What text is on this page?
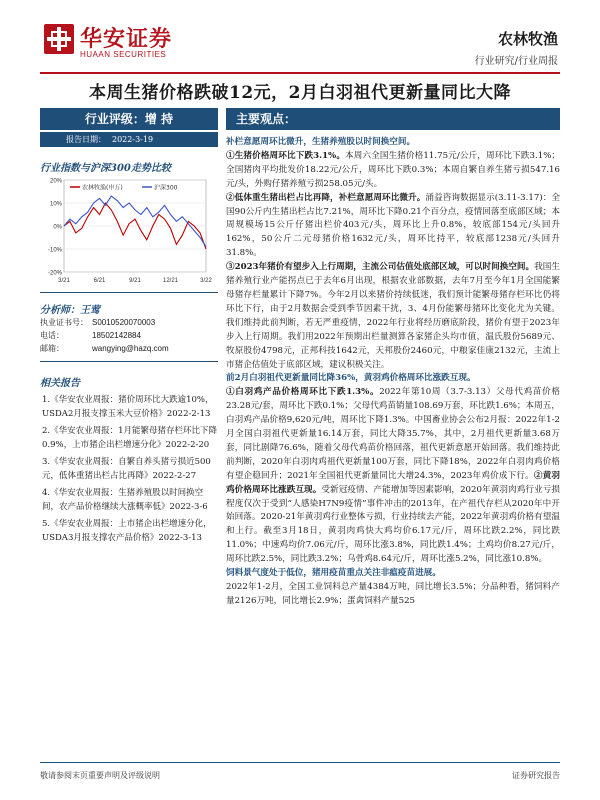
华安证券
HUAAN SECURITIES
农林牧渔
行业研究/行业周报
本周生猪价格跌破12元，2月白羽祖代更新量同比大降
行业评级：增 持
报告日期： 2022-3-19
行业指数与沪深300走势比较
20%
10%
0%
-10%
-20%
3/21	6/21	9/21	12/21	3/22
农林牧渔(申万)	沪深300
分析师：王莺
执业证书号： S0010520070003
电话：	18502142884
邮箱：	wangying@hazq.com
相关报告
1.《华安农业周报：猪价周环比大跌逾10%，USDA2月报支撑玉米大豆价格》2022-2-13
2.《华安农业周报：1月能繁母猪存栏环比下降0.9%，上市猪企出栏增速分化》2022-2-20
3.《华安农业周报：自繁自养头猪亏损近500元，低体重猪出栏占比再降》2022-2-27
4.《华安农业周报：生猪养殖股以时间换空间，农产品价格继续大涨概率低》2022-3-6
5.《华安农业周报：上市猪企出栏增速分化，USDA3月报支撑农产品价格》2022-3-13
主要观点：

补栏意愿周环比微升，生猪养殖股以时间换空间。

①生猪价格周环比下跌3.1%。本周六全国生猪价格11.75元/公斤，周环比下跌3.1%；全国猪肉平均批发价18.22元/公斤，周环比下跌0.3%；本周自繁自养生猪亏损547.16元/头，外购仔猪养殖亏损258.05元/头。

②低体重生猪出栏占比再降，补栏意愿周环比微升。涌益咨询数据显示(3.11-3.17)：全国90公斤内生猪出栏占比7.21%，周环比下降0.21个百分点，疫情回落至底部区域；本周规模场15公斤仔猪出栏价403元/头，周环比上升0.8%，较底部154元/头回升162%，50公斤二元母猪价格1632元/头，周环比持平，较底部1238元/头回升31.8%。

③2023年猪价有望步入上行周期，主流公司估值处底部区域，可以时间换空间。我国生猪养殖行业产能拐点已于去年6月出现，根据农业部数据，去年7月至今年1月全国能繁母猪存栏量累计下降7%。今年2月以来猪价持续低迷，我们预计能繁母猪存栏环比仍将环比下行，由于2月数据会受到季节因素干扰，3、4月份能繁母猪环比变化尤为关键。我们维持此前判断，若无严重疫情，2022年行业将经历磨底阶段，猪价有望于2023年步入上行周期。我们用2022年预期出栏量测算各家猪企头均市值，温氏股份5689元、牧原股份4798元，正邦科技1642元，天邦股份2460元，中粮家佳康2132元，主流上市猪企估值处于底部区域，建议积极关注。

前2月白羽祖代更新量同比降36%，黄羽鸡价格周环比涨跌互现。

①白羽鸡产品价格周环比下跌1.3%。2022年第10周（3.7-3.13）父母代鸡苗价格23.28元/套，周环比下跌0.1%；父母代鸡苗销量108.69万套，环比跌1.6%；本周五，白羽鸡产品价格9,620元/吨，周环比下降1.3%。中国畜业协会公布2月报：2022年1-2月全国白羽祖代更新量16.14万套，同比大降35.7%，其中，2月祖代更新量3.68万套，同比剧降76.6%，随着父母代鸡苗价格回落，祖代更新意愿开始回落。我们维持此前判断，2020年白羽肉鸡祖代更新量100万套，同比下降18%，2022年白羽肉鸡价格有望企稳回升；2021年全国祖代更新量同比大增24.3%，2023年鸡价成下行。②黄羽鸡价格周环比涨跌互现。受新冠疫情、产能增加等因素影响，2020年黄羽肉鸡行业亏损程度仅次于受到“人感染H7N9疫情”事件冲击的2013年，在产祖代存栏从2020年中开始回落。2020-21年黄羽鸡行业整体亏损，行业持续去产能，2022年黄羽鸡价格有望温和上行。截至3月18日，黄羽肉鸡快大鸡均价6.17元/斤，周环比跌2.2%，同比跌11.0%；中速鸡均价7.06元/斤，周环比涨3.8%，同比跌1.4%；土鸡均价8.27元/斤，周环比跌2.5%，同比跌3.2%；乌骨鸡8.64元/斤，周环比涨5.2%，同比涨10.8%。

饲料景气度处于低位，猪用疫苗重点关注非瘟疫苗进展。

2022年1-2月，全国工业饲料总产量4384万吨，同比增长3.5%；分品种看，猪饲料产量2126万吨，同比增长2.9%；蛋禽饲料产量525

敬请参阅末页重要声明及评级说明	证券研究报告
